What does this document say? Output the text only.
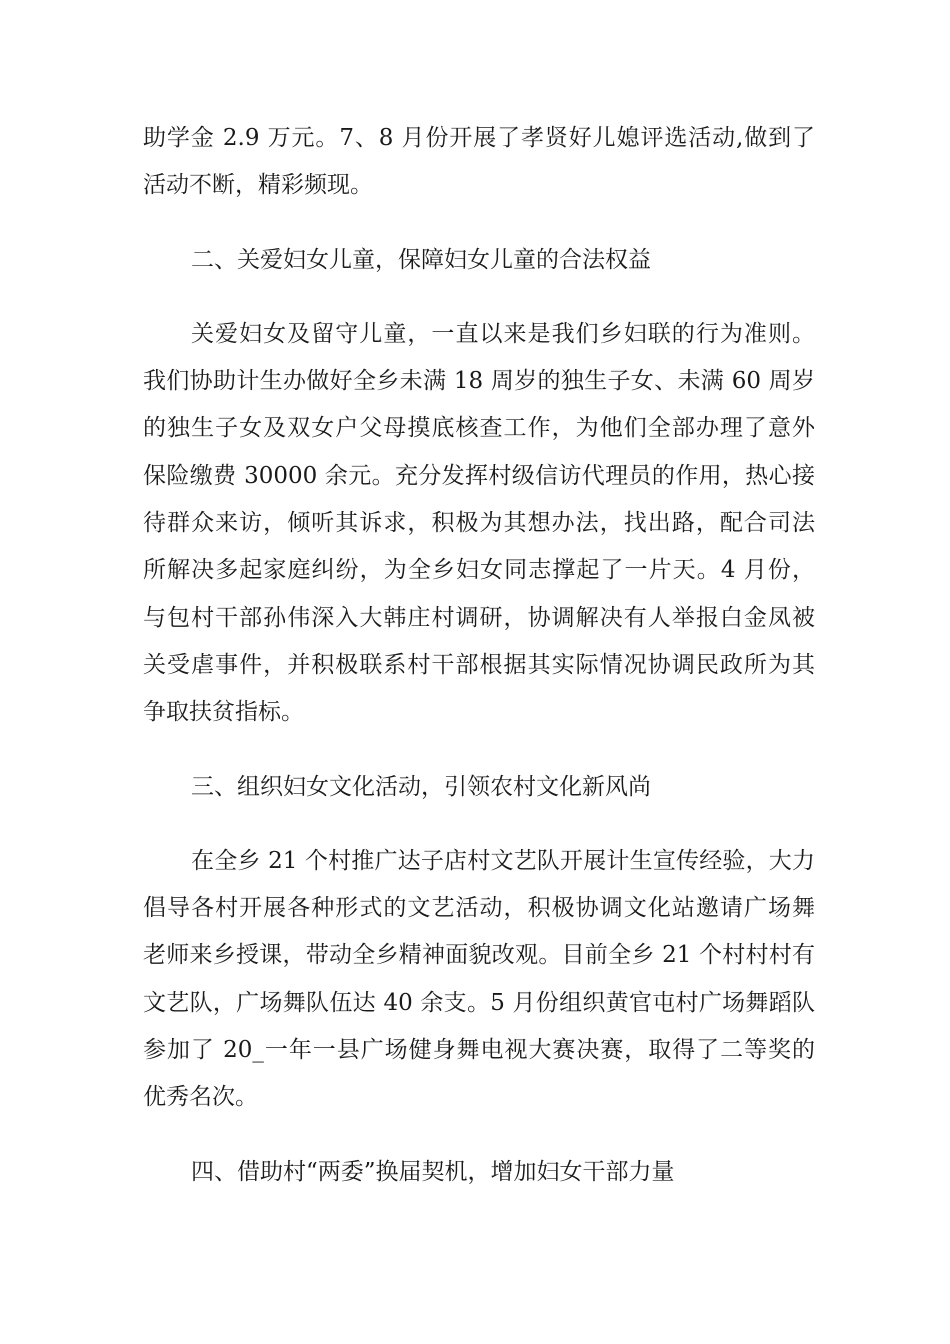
助学金 2.9 万元。7、8 月份开展了孝贤好儿媳评选活动,做到了
活动不断，精彩频现。
二、关爱妇女儿童，保障妇女儿童的合法权益
关爱妇女及留守儿童，一直以来是我们乡妇联的行为准则。
我们协助计生办做好全乡未满 18 周岁的独生子女、未满 60 周岁
的独生子女及双女户父母摸底核查工作，为他们全部办理了意外
保险缴费 30000 余元。充分发挥村级信访代理员的作用，热心接
待群众来访，倾听其诉求，积极为其想办法，找出路，配合司法
所解决多起家庭纠纷，为全乡妇女同志撑起了一片天。4 月份，
与包村干部孙伟深入大韩庄村调研，协调解决有人举报白金凤被
关受虐事件，并积极联系村干部根据其实际情况协调民政所为其
争取扶贫指标。
三、组织妇女文化活动，引领农村文化新风尚
在全乡 21 个村推广达子店村文艺队开展计生宣传经验，大力
倡导各村开展各种形式的文艺活动，积极协调文化站邀请广场舞
老师来乡授课，带动全乡精神面貌改观。目前全乡 21 个村村村有
文艺队，广场舞队伍达 40 余支。5 月份组织黄官屯村广场舞蹈队
参加了 20_一年一县广场健身舞电视大赛决赛，取得了二等奖的
优秀名次。
四、借助村“两委”换届契机，增加妇女干部力量
